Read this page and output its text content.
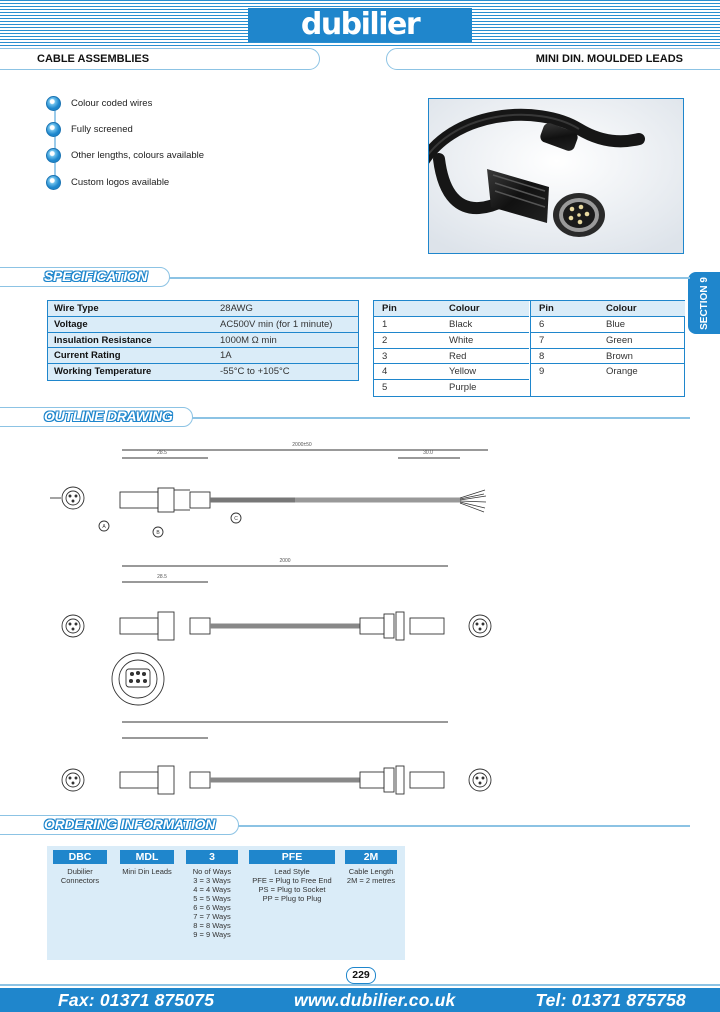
dubilier
CABLE ASSEMBLIES	MINI DIN. MOULDED LEADS
Colour coded wires
Fully screened
Other lengths, colours available
Custom logos available
SECTION 9
SPECIFICATION
Wire Type	28AWG
Voltage	AC500V min (for 1 minute)
Insulation Resistance	1000M Ω min
Current Rating	1A
Working Temperature	-55°C to +105°C
Pin	Colour
1	Black
2	White
3	Red
4	Yellow
5	Purple
Pin	Colour
6	Blue
7	Green
8	Brown
9	Orange
OUTLINE DRAWING
2000±50
28.5	30.0
A
B
C
2000
28.5
ORDERING INFORMATION
DBC
Dubilier
Connectors
MDL
Mini Din Leads
3
No of Ways
3 = 3 Ways
4 = 4 Ways
5 = 5 Ways
6 = 6 Ways
7 = 7 Ways
8 = 8 Ways
9 = 9 Ways
PFE
Lead Style
PFE = Plug to Free End
PS = Plug to Socket
PP = Plug to Plug
2M
Cable Length
2M = 2 metres
229
Fax: 01371 875075	www.dubilier.co.uk	Tel: 01371 875758
